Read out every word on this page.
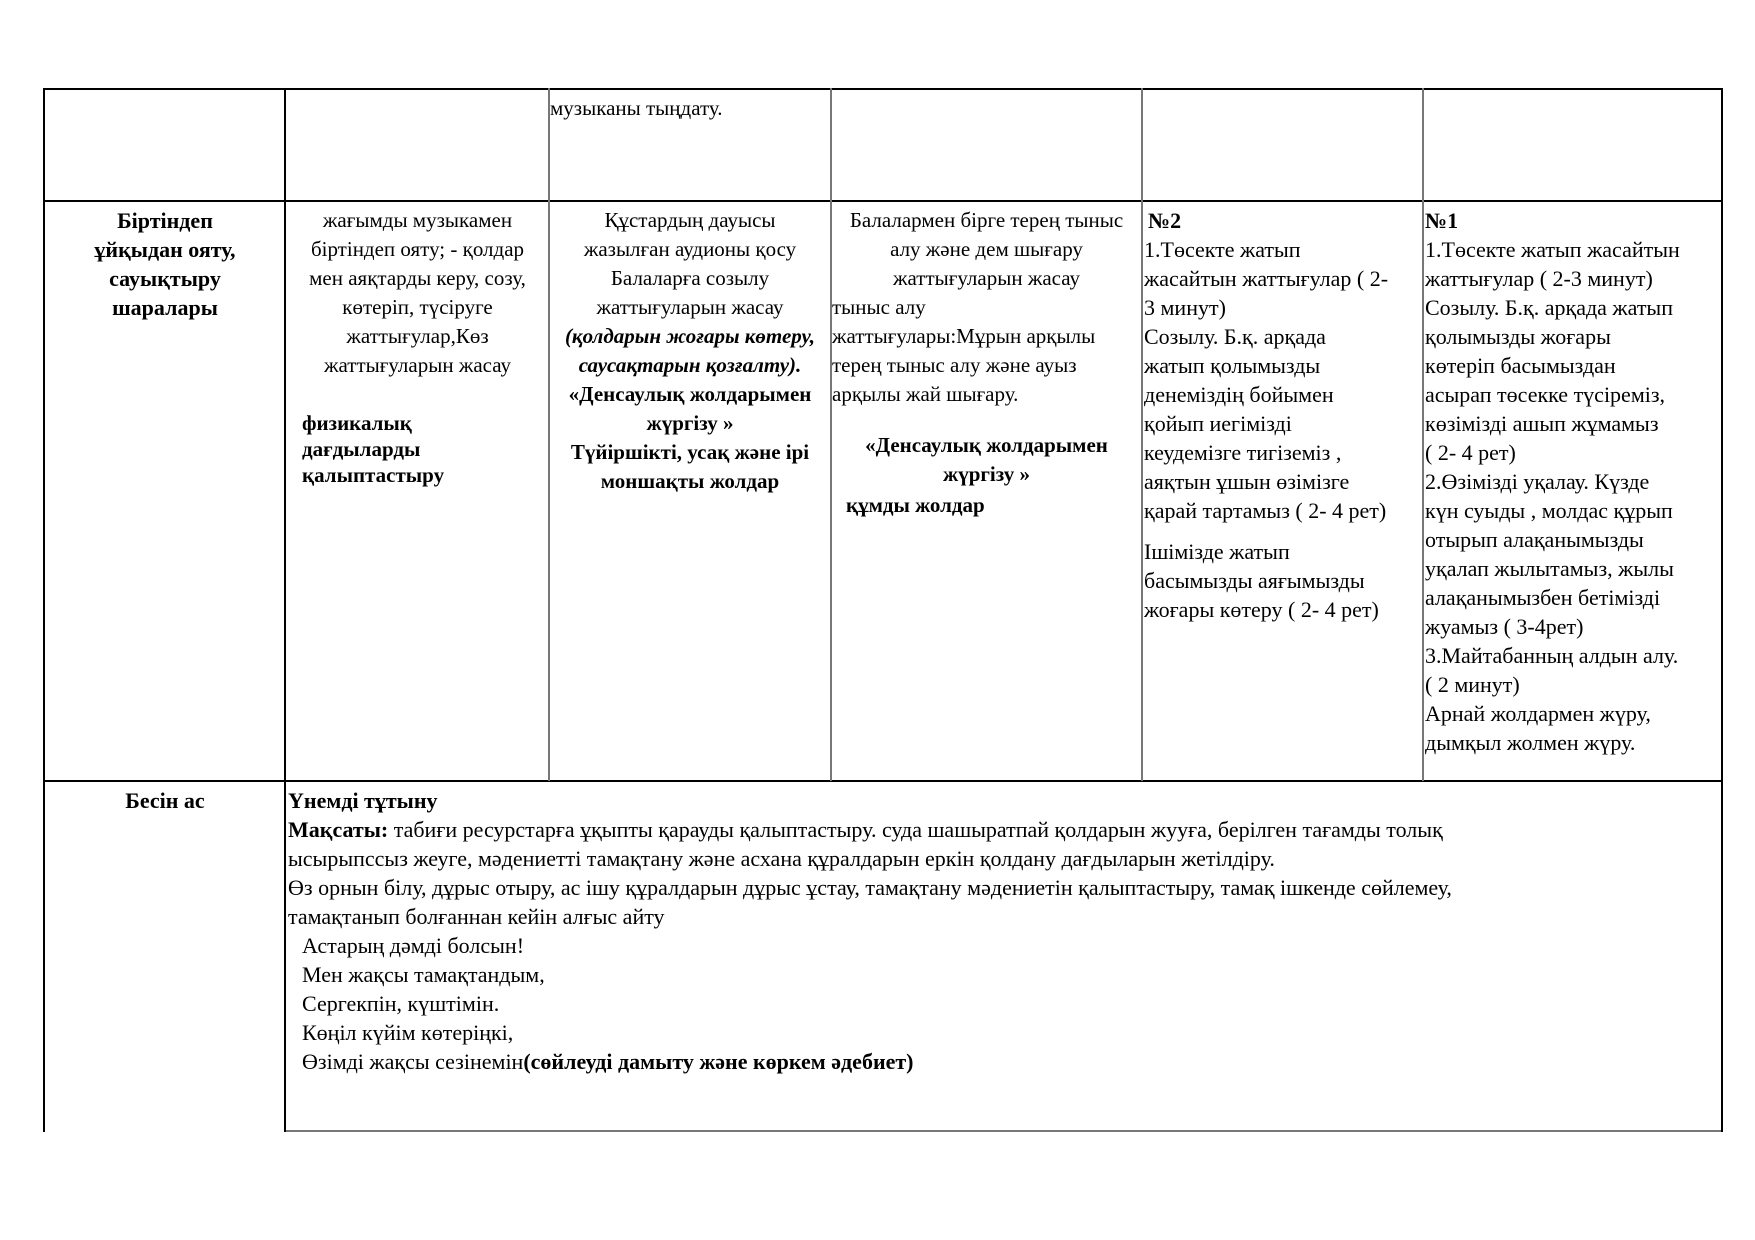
музыканы тыңдату.
Біртіндеп
ұйқыдан ояту,
сауықтыру
шаралары
жағымды музыкамен
біртіндеп ояту; - қолдар
мен аяқтарды керу, созу,
көтеріп, түсіруге
жаттығулар,Көз
жаттығуларын жасау
физикалық
дағдыларды
қалыптастыру
Құстардың дауысы
жазылған аудионы қосу
Балаларға созылу
жаттығуларын жасау
(қолдарын жоғары көтеру,
саусақтарын қозғалту).
«Денсаулық жолдарымен
жүргізу »
Түйіршікті, усақ және ірі
моншақты жолдар
Балалармен бірге терең тыныс
алу және дем шығару
жаттығуларын жасау
тыныс алу
жаттығулары:Мұрын арқылы
терең тыныс алу және ауыз
арқылы жай шығару.
«Денсаулық жолдарымен
жүргізу »
құмды жолдар
№2
1.Төсекте жатып
жасайтын жаттығулар ( 2-
3 минут)
Созылу. Б.қ. арқада
жатып қолымызды
денеміздің бойымен
қойып иегімізді
кеудемізге тигіземіз ,
аяқтын ұшын өзімізге
қарай тартамыз ( 2- 4 рет)
Ішімізде жатып
басымызды аяғымызды
жоғары көтеру ( 2- 4 рет)
№1
1.Төсекте жатып жасайтын
жаттығулар ( 2-3 минут)
Созылу. Б.қ. арқада жатып
қолымызды жоғары
көтеріп басымыздан
асырап төсекке түсіреміз,
көзімізді ашып жұмамыз
( 2- 4 рет)
2.Өзімізді уқалау. Күзде
күн суыды , молдас құрып
отырып алақанымызды
уқалап жылытамыз, жылы
алақанымызбен бетімізді
жуамыз ( 3-4рет)
3.Майтабанның алдын алу.
( 2 минут)
Арнай жолдармен жүру,
дымқыл жолмен жүру.
Бесін ас	Үнемді тұтыну
Мақсаты: табиғи ресурстарға ұқыпты қарауды қалыптастыру. суда шашыратпай қолдарын жууға, берілген тағамды толық
ысырыпссыз жеуге, мәдениетті тамақтану және асхана құралдарын еркін қолдану дағдыларын жетілдіру.
Өз орнын білу, дұрыс отыру, ас ішу құралдарын дұрыс ұстау, тамақтану мәдениетін қалыптастыру, тамақ ішкенде сөйлемеу,
тамақтанып болғаннан кейін алғыс айту
Астарың дәмді болсын!
Мен жақсы тамақтандым,
Сергекпін, күштімін.
Көңіл күйім көтеріңкі,
Өзімді жақсы сезінемін(сөйлеуді дамыту және көркем әдебиет)
